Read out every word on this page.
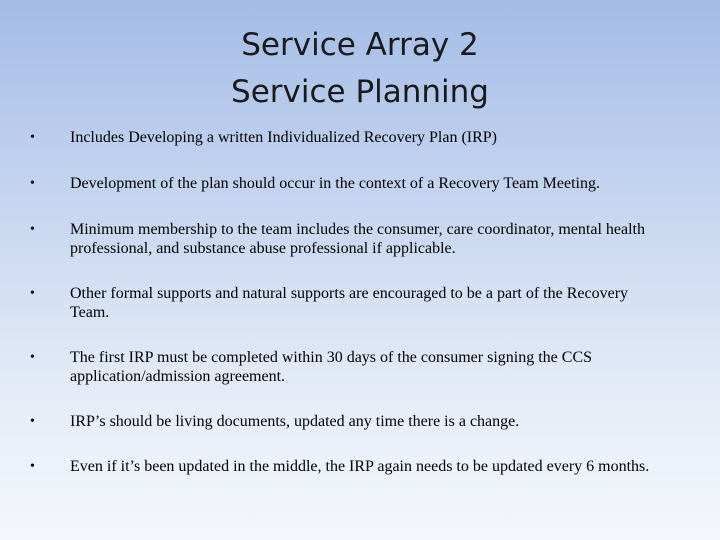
Service Array 2
Service Planning
• Includes Developing a written Individualized Recovery Plan (IRP)
• Development of the plan should occur in the context of a Recovery Team Meeting.
• Minimum membership to the team includes the consumer, care coordinator, mental health professional, and substance abuse professional if applicable.
• Other formal supports and natural supports are encouraged to be a part of the Recovery Team.
• The first IRP must be completed within 30 days of the consumer signing the CCS application/admission agreement.
• IRP’s should be living documents, updated any time there is a change.
• Even if it’s been updated in the middle, the IRP again needs to be updated every 6 months.
